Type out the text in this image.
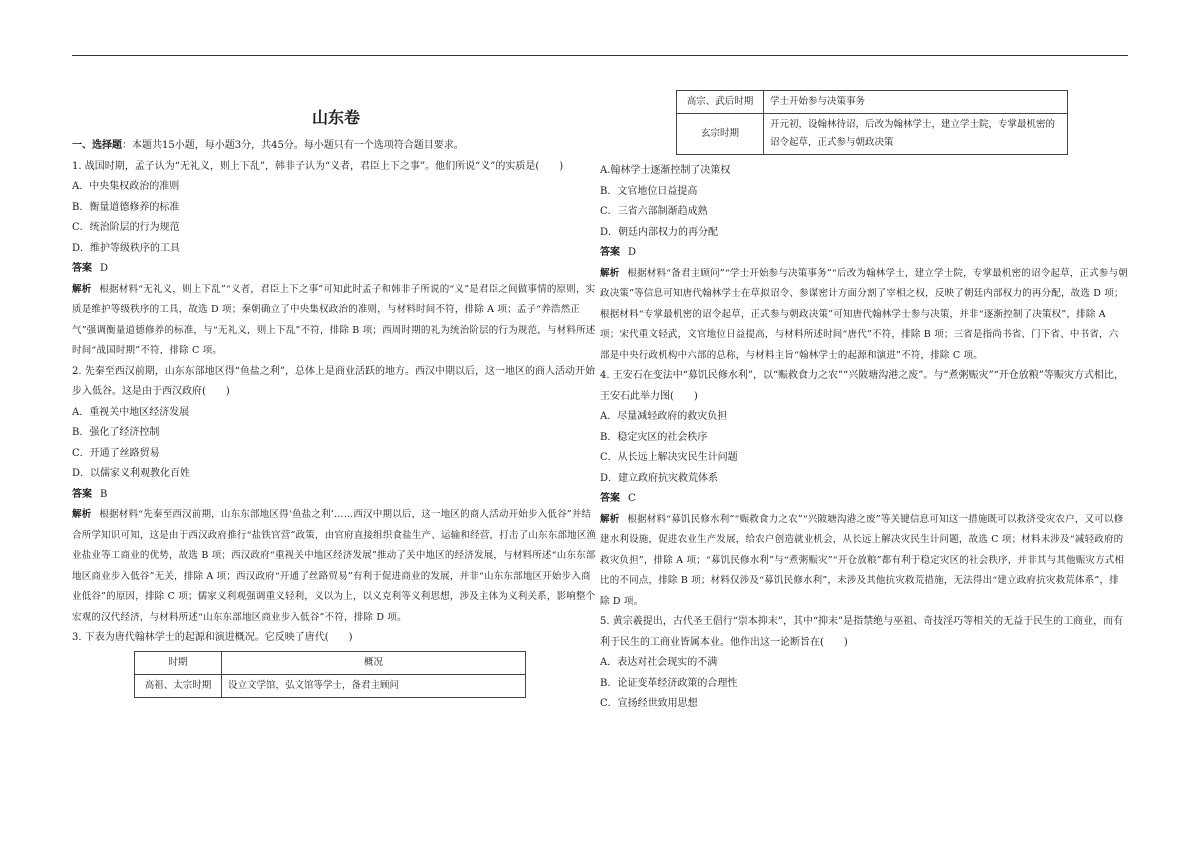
山东卷

一、选择题：本题共15小题，每小题3分，共45分。每小题只有一个选项符合题目要求。

1. 战国时期，孟子认为“无礼义，则上下乱”，韩非子认为“义者，君臣上下之事”。他们所说“义”的实质是(　　)

A．中央集权政治的准则

B．衡量道德修养的标准

C．统治阶层的行为规范

D．维护等级秩序的工具

答案 D

解析 根据材料“无礼义，则上下乱”“义者，君臣上下之事”可知此时孟子和韩非子所说的“义”是君臣之间做事情的原则，实质是维护等级秩序的工具，故选 D 项；秦朝确立了中央集权政治的准则，与材料时间不符，排除 A 项；孟子“养浩然正气”强调衡量道德修养的标准，与“无礼义，则上下乱”不符，排除 B 项；西周时期的礼为统治阶层的行为规范，与材料所述时间“战国时期”不符，排除 C 项。

2. 先秦至西汉前期，山东东部地区得“鱼盐之利”，总体上是商业活跃的地方。西汉中期以后，这一地区的商人活动开始步入低谷。这是由于西汉政府(　　)

A．重视关中地区经济发展

B．强化了经济控制

C．开通了丝路贸易

D．以儒家义利观教化百姓

答案 B

解析 根据材料“先秦至西汉前期，山东东部地区得‘鱼盐之利’……西汉中期以后，这一地区的商人活动开始步入低谷”并结合所学知识可知，这是由于西汉政府推行“盐铁官营”政策，由官府直接组织食盐生产、运输和经营，打击了山东东部地区渔业盐业等工商业的优势，故选 B 项；西汉政府“重视关中地区经济发展”推动了关中地区的经济发展，与材料所述“山东东部地区商业步入低谷”无关，排除 A 项；西汉政府“开通了丝路贸易”有利于促进商业的发展，并非“山东东部地区开始步入商业低谷”的原因，排除 C 项；儒家义利观强调重义轻利，义以为上，以义克利等义利思想，涉及主体为义利关系，影响整个宏观的汉代经济，与材料所述“山东东部地区商业步入低谷”不符，排除 D 项。

3. 下表为唐代翰林学士的起源和演进概况。它反映了唐代(　　)

时期	概况
高祖、太宗时期	设立文学馆，弘文馆等学士，备君主顾问
高宗、武后时期	学士开始参与决策事务
玄宗时期	开元初，设翰林待诏，后改为翰林学士，建立学士院，专掌最机密的诏令起草，正式参与朝政决策

A.翰林学士逐渐控制了决策权

B．文官地位日益提高

C．三省六部制渐趋成熟

D．朝廷内部权力的再分配

答案 D

解析 根据材料“备君主顾问”“学士开始参与决策事务”“后改为翰林学士，建立学士院，专掌最机密的诏令起草，正式参与朝政决策”等信息可知唐代翰林学士在草拟诏令、参谋密计方面分割了宰相之权，反映了朝廷内部权力的再分配，故选 D 项；根据材料“专掌最机密的诏令起草，正式参与朝政决策”可知唐代翰林学士参与决策，并非“逐渐控制了决策权”，排除 A 项；宋代重文轻武，文官地位日益提高，与材料所述时间“唐代”不符，排除 B 项；三省是指尚书省、门下省、中书省，六部是中央行政机构中六部的总称，与材料主旨“翰林学士的起源和演进”不符，排除 C 项。

4. 王安石在变法中“募饥民修水利”，以“赈救食力之农”“兴陂塘沟港之废”。与“煮粥赈灾”“开仓放粮”等赈灾方式相比，王安石此举力图(　　)

A．尽量减轻政府的救灾负担

B．稳定灾区的社会秩序

C．从长远上解决灾民生计问题

D．建立政府抗灾救荒体系

答案 C

解析 根据材料“募饥民修水利”“赈救食力之农”“兴陂塘沟港之废”等关键信息可知这一措施既可以救济受灾农户，又可以修建水利设施，促进农业生产发展，给农户创造就业机会，从长远上解决灾民生计问题，故选 C 项；材料未涉及“减轻政府的救灾负担”，排除 A 项；“募饥民修水利”与“煮粥赈灾”“开仓放粮”都有利于稳定灾区的社会秩序，并非其与其他赈灾方式相比的不同点，排除 B 项；材料仅涉及“募饥民修水利”，未涉及其他抗灾救荒措施，无法得出“建立政府抗灾救荒体系”，排除 D 项。

5. 黄宗羲提出，古代圣王倡行“崇本抑末”，其中“抑末”是指禁绝与巫祖、奇技淫巧等相关的无益于民生的工商业，而有利于民生的工商业皆属本业。他作出这一论断旨在(　　)

A．表达对社会现实的不满

B．论证变革经济政策的合理性

C．宣扬经世致用思想
